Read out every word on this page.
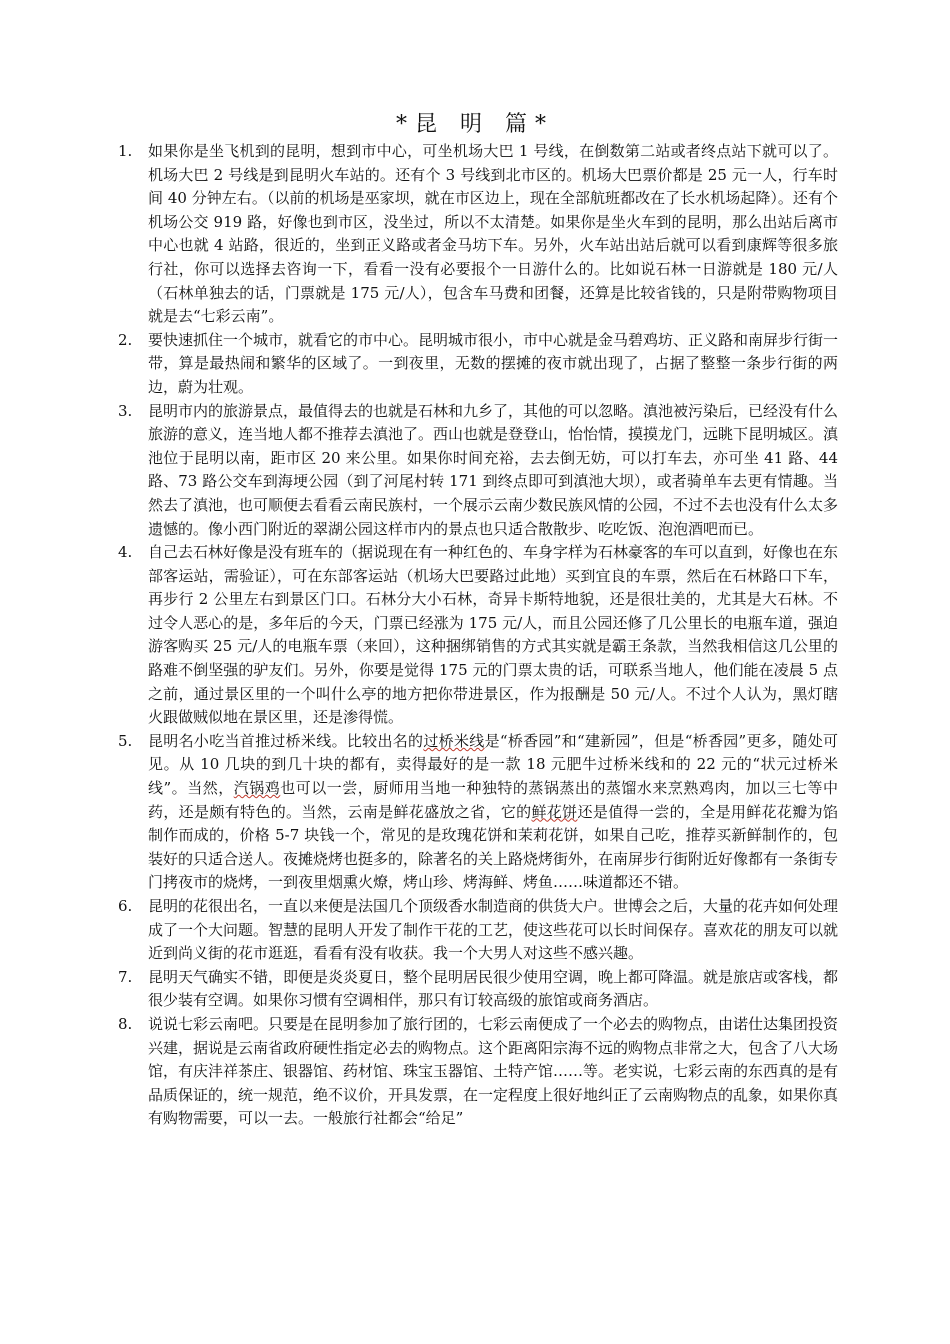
*昆 明 篇*
1.	如果你是坐飞机到的昆明，想到市中心，可坐机场大巴 1 号线，在倒数第二站或者终点站下就可以了。机场大巴 2 号线是到昆明火车站的。还有个 3 号线到北市区的。机场大巴票价都是 25 元一人，行车时间 40 分钟左右。（以前的机场是巫家坝，就在市区边上，现在全部航班都改在了长水机场起降）。还有个机场公交 919 路，好像也到市区，没坐过，所以不太清楚。如果你是坐火车到的昆明，那么出站后离市中心也就 4 站路，很近的，坐到正义路或者金马坊下车。另外，火车站出站后就可以看到康辉等很多旅行社，你可以选择去咨询一下，看看一没有必要报个一日游什么的。比如说石林一日游就是 180 元/人（石林单独去的话，门票就是 175 元/人），包含车马费和团餐，还算是比较省钱的，只是附带购物项目就是去“七彩云南”。
2.	要快速抓住一个城市，就看它的市中心。昆明城市很小，市中心就是金马碧鸡坊、正义路和南屏步行街一带，算是最热闹和繁华的区域了。一到夜里，无数的摆摊的夜市就出现了，占据了整整一条步行街的两边，蔚为壮观。
3.	昆明市内的旅游景点，最值得去的也就是石林和九乡了，其他的可以忽略。滇池被污染后，已经没有什么旅游的意义，连当地人都不推荐去滇池了。西山也就是登登山，怡怡情，摸摸龙门，远眺下昆明城区。滇池位于昆明以南，距市区 20 来公里。如果你时间充裕，去去倒无妨，可以打车去，亦可坐 41 路、44 路、73 路公交车到海埂公园（到了河尾村转 171 到终点即可到滇池大坝），或者骑单车去更有情趣。当然去了滇池，也可顺便去看看云南民族村，一个展示云南少数民族风情的公园，不过不去也没有什么太多遗憾的。像小西门附近的翠湖公园这样市内的景点也只适合散散步、吃吃饭、泡泡酒吧而已。
4.	自己去石林好像是没有班车的（据说现在有一种红色的、车身字样为石林豪客的车可以直到，好像也在东部客运站，需验证），可在东部客运站（机场大巴要路过此地）买到宜良的车票，然后在石林路口下车，再步行 2 公里左右到景区门口。石林分大小石林，奇异卡斯特地貌，还是很壮美的，尤其是大石林。不过令人恶心的是，多年后的今天，门票已经涨为 175 元/人，而且公园还修了几公里长的电瓶车道，强迫游客购买 25 元/人的电瓶车票（来回），这种捆绑销售的方式其实就是霸王条款，当然我相信这几公里的路难不倒坚强的驴友们。另外，你要是觉得 175 元的门票太贵的话，可联系当地人，他们能在凌晨 5 点之前，通过景区里的一个叫什么亭的地方把你带进景区，作为报酬是 50 元/人。不过个人认为，黑灯瞎火跟做贼似地在景区里，还是渗得慌。
5.	昆明名小吃当首推过桥米线。比较出名的过桥米线是“桥香园”和“建新园”，但是“桥香园”更多，随处可见。从 10 几块的到几十块的都有，卖得最好的是一款 18 元肥牛过桥米线和的 22 元的“状元过桥米线”。当然，汽锅鸡也可以一尝，厨师用当地一种独特的蒸锅蒸出的蒸馏水来烹熟鸡肉，加以三七等中药，还是颇有特色的。当然，云南是鲜花盛放之省，它的鲜花饼还是值得一尝的，全是用鲜花花瓣为馅制作而成的，价格 5-7 块钱一个，常见的是玫瑰花饼和茉莉花饼，如果自己吃，推荐买新鲜制作的，包装好的只适合送人。夜摊烧烤也挺多的，除著名的关上路烧烤街外，在南屏步行街附近好像都有一条街专门拷夜市的烧烤，一到夜里烟熏火燎，烤山珍、烤海鲜、烤鱼……味道都还不错。
6.	昆明的花很出名，一直以来便是法国几个顶级香水制造商的供货大户。世博会之后，大量的花卉如何处理成了一个大问题。智慧的昆明人开发了制作干花的工艺，使这些花可以长时间保存。喜欢花的朋友可以就近到尚义街的花市逛逛，看看有没有收获。我一个大男人对这些不感兴趣。
7.	昆明天气确实不错，即便是炎炎夏日，整个昆明居民很少使用空调，晚上都可降温。就是旅店或客栈，都很少装有空调。如果你习惯有空调相伴，那只有订较高级的旅馆或商务酒店。
8.	说说七彩云南吧。只要是在昆明参加了旅行团的，七彩云南便成了一个必去的购物点，由诺仕达集团投资兴建，据说是云南省政府硬性指定必去的购物点。这个距离阳宗海不远的购物点非常之大，包含了八大场馆，有庆沣祥茶庄、银器馆、药材馆、珠宝玉器馆、土特产馆……等。老实说，七彩云南的东西真的是有品质保证的，统一规范，绝不议价，开具发票，在一定程度上很好地纠正了云南购物点的乱象，如果你真有购物需要，可以一去。一般旅行社都会“给足”
